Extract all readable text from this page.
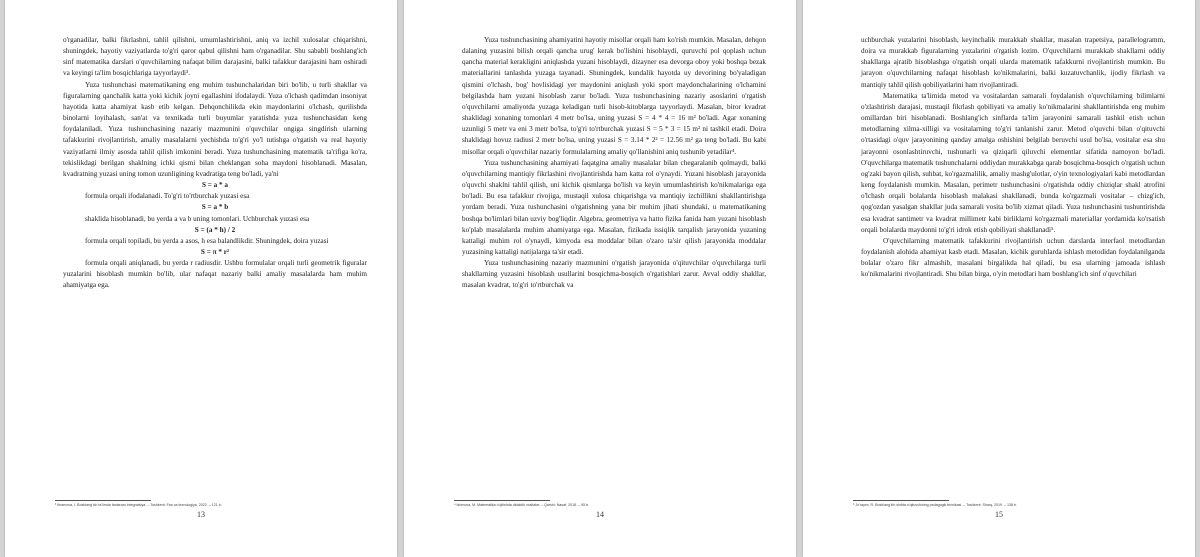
o'rganadilar, balki fikrlashni, tahlil qilishni, umumlashtirishni, aniq va izchil xulosalar chiqarishni, shuningdek, hayotiy vaziyatlarda to'g'ri qaror qabul qilishni ham o'rganadilar. Shu sababli boshlang'ich sinf matematika darslari o'quvchilarning nafaqat bilim darajasini, balki tafakkur darajasini ham oshiradi va keyingi ta'lim bosqichlariga tayyorlaydi³.

Yuza tushunchasi matematikaning eng muhim tushunchalaridan biri bo'lib, u turli shakllar va figuralarning qanchalik katta yoki kichik joyni egallashini ifodalaydi. Yuza o'lchash qadimdan insoniyat hayotida katta ahamiyat kasb etib kelgan. Dehqonchilikda ekin maydonlarini o'lchash, qurilishda binolarni loyihalash, san'at va texnikada turli buyumlar yaratishda yuza tushunchasidan keng foydalaniladi. Yuza tushunchasining nazariy mazmunini o'quvchilar ongiga singdirish ularning tafakkurini rivojlantirish, amaliy masalalarni yechishda to'g'ri yo'l tutishga o'rgatish va real hayotiy vaziyatlarni ilmiy asosda tahlil qilish imkonini beradi. Yuza tushunchasining matematik ta'rifiga ko'ra, tekislikdagi berilgan shaklning ichki qismi bilan cheklangan soha maydoni hisoblanadi. Masalan, kvadratning yuzasi uning tomon uzunligining kvadratiga teng bo'ladi, ya'ni

S = a * a

formula orqali ifodalanadi. To'g'ri to'rtburchak yuzasi esa

S = a * b

shaklida hisoblanadi, bu yerda a va b uning tomonlari. Uchburchak yuzasi esa

S = (a * h) / 2

formula orqali topiladi, bu yerda a asos, h esa balandlikdir. Shuningdek, doira yuzasi

S = π * r²

formula orqali aniqlanadi, bu yerda r radiusdir. Ushbu formulalar orqali turli geometrik figuralar yuzalarini hisoblash mumkin bo'lib, ular nafaqat nazariy balki amaliy masalalarda ham muhim ahamiyatga ega.

³ Ibramova, I. Boshlang'ich ta'limda fanlararo integratsiya. – Toshkent: Fan va texnologiya, 2022. – 121 b.
13

Yuza tushunchasining ahamiyatini hayotiy misollar orqali ham ko'rish mumkin. Masalan, dehqon dalaning yuzasini bilish orqali qancha urug' kerak bo'lishini hisoblaydi, quruvchi pol qoplash uchun qancha material kerakligini aniqlashda yuzani hisoblaydi, dizayner esa devorga oboy yoki boshqa bezak materiallarini tanlashda yuzaga tayanadi. Shuningdek, kundalik hayotda uy devorining bo'yaladigan qismini o'lchash, bog' hovlisidagi yer maydonini aniqlash yoki sport maydonchalarining o'lchamini belgilashda ham yuzani hisoblash zarur bo'ladi. Yuza tushunchasining nazariy asoslarini o'rgatish o'quvchilarni amaliyotda yuzaga keladigan turli hisob-kitoblarga tayyorlaydi. Masalan, biror kvadrat shaklidagi xonaning tomonlari 4 metr bo'lsa, uning yuzasi S = 4 * 4 = 16 m² bo'ladi. Agar xonaning uzunligi 5 metr va eni 3 metr bo'lsa, to'g'ri to'rtburchak yuzasi S = 5 * 3 = 15 m² ni tashkil etadi. Doira shaklidagi hovuz radiusi 2 metr bo'lsa, uning yuzasi S = 3.14 * 2² = 12.56 m² ga teng bo'ladi. Bu kabi misollar orqali o'quvchilar nazariy formulalarning amaliy qo'llanishini aniq tushunib yetadilar⁴.

Yuza tushunchasining ahamiyati faqatgina amaliy masalalar bilan chegaralanib qolmaydi, balki o'quvchilarning mantiqiy fikrlashini rivojlantirishda ham katta rol o'ynaydi. Yuzani hisoblash jarayonida o'quvchi shaklni tahlil qilish, uni kichik qismlarga bo'lish va keyin umumlashtirish ko'nikmalariga ega bo'ladi. Bu esa tafakkur rivojiga, mustaqil xulosa chiqarishga va mantiqiy izchillikni shakllantirishga yordam beradi. Yuza tushunchasini o'rgatishning yana bir muhim jihati shundaki, u matematikaning boshqa bo'limlari bilan uzviy bog'liqdir. Algebra, geometriya va hatto fizika fanida ham yuzani hisoblash ko'plab masalalarda muhim ahamiyatga ega. Masalan, fizikada issiqlik tarqalish jarayonida yuzaning kattaligi muhim rol o'ynaydi, kimyoda esa moddalar bilan o'zaro ta'sir qilish jarayonida moddalar yuzasining kattaligi natijalarga ta'sir etadi.

Yuza tushunchasining nazariy mazmunini o'rgatish jarayonida o'qituvchilar o'quvchilarga turli shakllarning yuzasini hisoblash usullarini bosqichma-bosqich o'rgatishlari zarur. Avval oddiy shakllar, masalan kvadrat, to'g'ri to'rtburchak va

⁴ Ishmova, M. Matematika o'qitishda didaktik vositalar. – Qarshi: Nasaf, 2018. – 95 b.
14

uchburchak yuzalarini hisoblash, keyinchalik murakkab shakllar, masalan trapetsiya, parallelogramm, doira va murakkab figuralarning yuzalarini o'rgatish lozim. O'quvchilarni murakkab shakllarni oddiy shakllarga ajratib hisoblashga o'rgatish orqali ularda matematik tafakkurni rivojlantirish mumkin. Bu jarayon o'quvchilarning nafaqat hisoblash ko'nikmalarini, balki kuzatuvchanlik, ijodiy fikrlash va mantiqiy tahlil qilish qobiliyatlarini ham rivojlantiradi.

Matematika ta'limida metod va vositalardan samarali foydalanish o'quvchilarning bilimlarni o'zlashtirish darajasi, mustaqil fikrlash qobiliyati va amaliy ko'nikmalarini shakllantirishda eng muhim omillardan biri hisoblanadi. Boshlang'ich sinflarda ta'lim jarayonini samarali tashkil etish uchun metodlarning xilma-xilligi va vositalarning to'g'ri tanlanishi zarur. Metod o'quvchi bilan o'qituvchi o'rtasidagi o'quv jarayonining qanday amalga oshishini belgilab beruvchi usul bo'lsa, vositalar esa shu jarayonni osonlashtiruvchi, tushunarli va qiziqarli qiluvchi elementlar sifatida namoyon bo'ladi. O'quvchilarga matematik tushunchalarni oddiydan murakkabga qarab bosqichma-bosqich o'rgatish uchun og'zaki bayon qilish, suhbat, ko'rgazmalilik, amaliy mashg'ulotlar, o'yin texnologiyalari kabi metodlardan keng foydalanish mumkin. Masalan, perimetr tushunchasini o'rgatishda oddiy chiziqlar shakl atrofini o'lchash orqali bolalarda hisoblash malakasi shakllanadi, bunda ko'rgazmali vositalar – chizg'ich, qog'ozdan yasalgan shakllar juda samarali vosita bo'lib xizmat qiladi. Yuza tushunchasini tushuntirishda esa kvadrat santimetr va kvadrat millimetr kabi birliklarni ko'rgazmali materiallar yordamida ko'rsatish orqali bolalarda maydonni to'g'ri idrok etish qobiliyati shakllanadi⁵.

O'quvchilarning matematik tafakkurini rivojlantirish uchun darslarda interfaol metodlardan foydalanish alohida ahamiyat kasb etadi. Masalan, kichik guruhlarda ishlash metodidan foydalanilganda bolalar o'zaro fikr almashib, masalani birgalikda hal qiladi, bu esa ularning jamoada ishlash ko'nikmalarini rivojlantiradi. Shu bilan birga, o'yin metodlari ham boshlang'ich sinf o'quvchilari

⁵ Jo'rayev, R. Boshlang'ich sinfda o'qituvchining pedagogik texnikasi. – Toshkent: Sharq, 2019. – 138 b.
15
